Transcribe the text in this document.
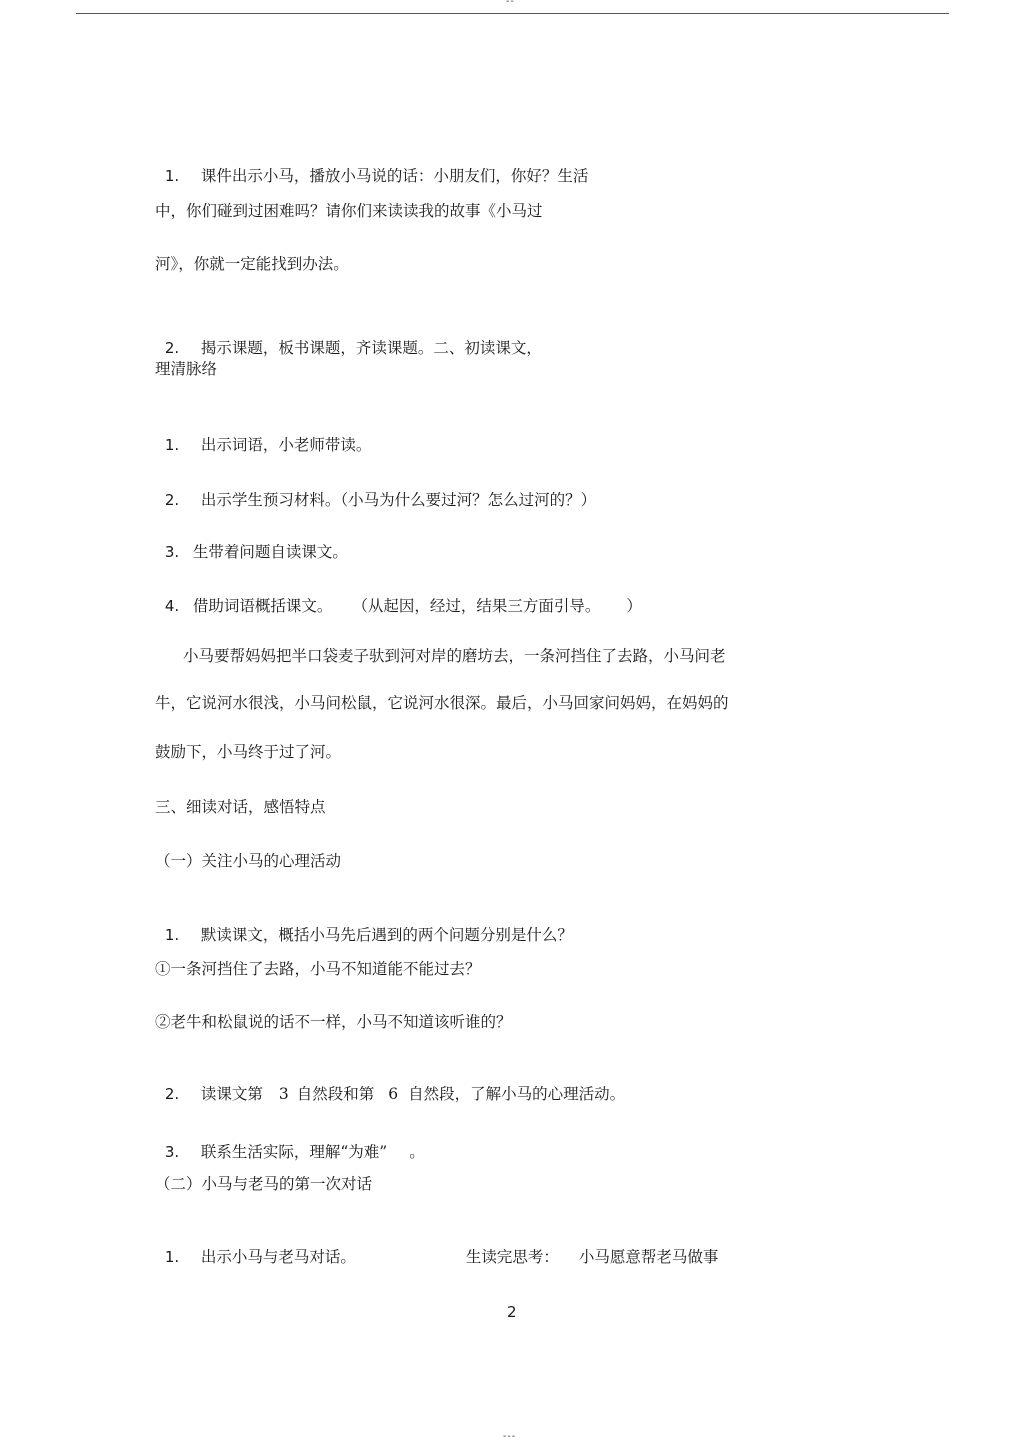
--

1. 课件出示小马，播放小马说的话：小朋友们，你好？生活

中，你们碰到过困难吗？请你们来读读我的故事《小马过
河》，你就一定能找到办法。

2. 揭示课题，板书课题，齐读课题。二、初读课文，

理清脉络

1. 出示词语，小老师带读。

2. 出示学生预习材料。（小马为什么要过河？怎么过河的？）

3. 生带着问题自读课文。

4. 借助词语概括课文。 （从起因，经过，结果三方面引导。 ）

小马要帮妈妈把半口袋麦子驮到河对岸的磨坊去，一条河挡住了去路，小马问老
牛，它说河水很浅，小马问松鼠，它说河水很深。最后，小马回家问妈妈，在妈妈的
鼓励下，小马终于过了河。
三、细读对话，感悟特点
（一）关注小马的心理活动

1. 默读课文，概括小马先后遇到的两个问题分别是什么？

①一条河挡住了去路，小马不知道能不能过去？
②老牛和松鼠说的话不一样，小马不知道该听谁的？

2. 读课文第 3 自然段和第 6 自然段，了解小马的心理活动。

3. 联系生活实际，理解“为难” 。

（二）小马与老马的第一次对话

1. 出示小马与老马对话。	生读完思考： 小马愿意帮老马做事

2
---
